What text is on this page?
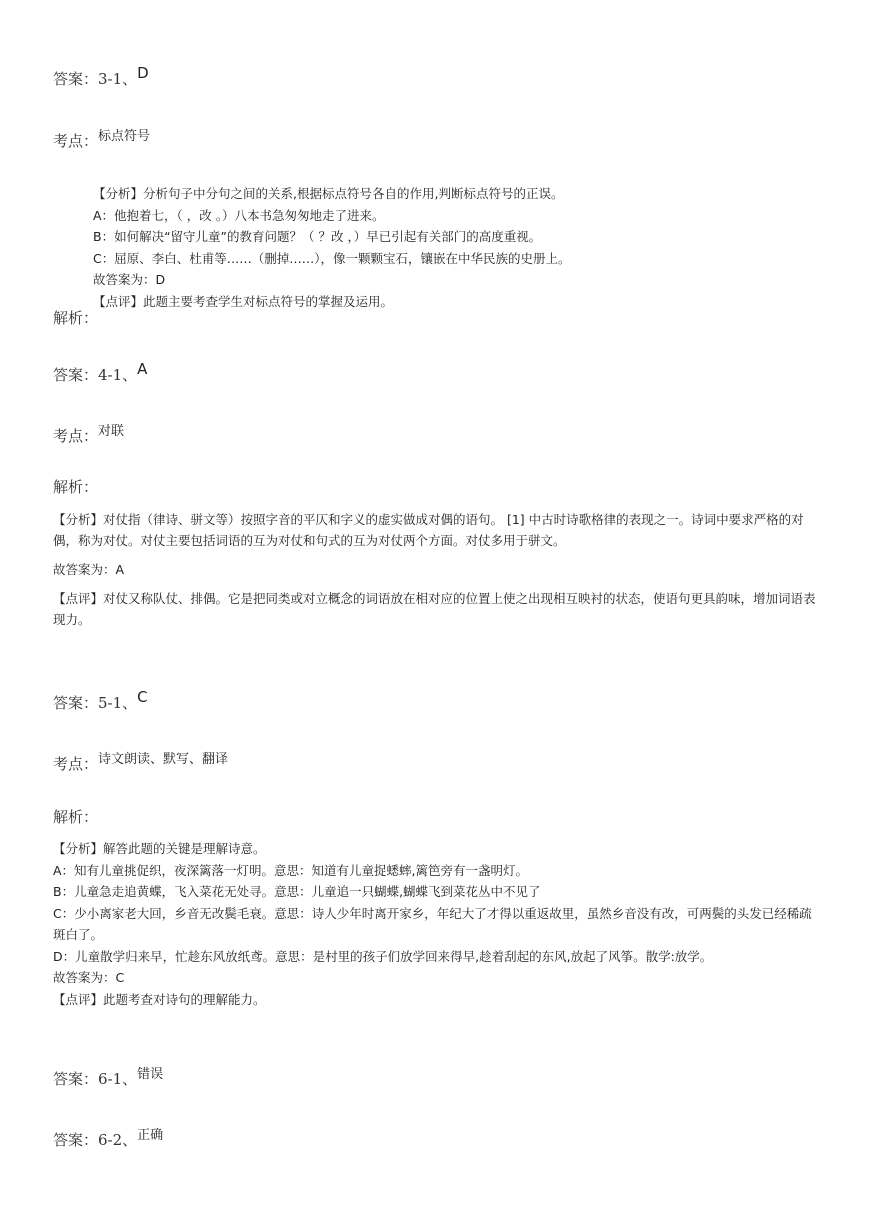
答案：3-1、D
考点：$^{标点符号}$

【分析】分析句子中分句之间的关系,根据标点符号各自的作用,判断标点符号的正误。

A：他抱着七，（ ，改 。）八本书急匆匆地走了进来。

B：如何解决“留守儿童”的教育问题？（ ？改 ，）早已引起有关部门的高度重视。

C：屈原、李白、杜甫等……（删掉……），像一颗颗宝石，镶嵌在中华民族的史册上。

故答案为：D

【点评】此题主要考查学生对标点符号的掌握及运用。

解析：
答案：4-1、A
考点：$^{对联}$
解析：

【分析】对仗指（律诗、骈文等）按照字音的平仄和字义的虚实做成对偶的语句。 [1] 中古时诗歌格律的表现之一。诗词中要求严格的对偶，称为对仗。对仗主要包括词语的互为对仗和句式的互为对仗两个方面。对仗多用于骈文。

故答案为：A

【点评】对仗又称队仗、排偶。它是把同类或对立概念的词语放在相对应的位置上使之出现相互映衬的状态，使语句更具韵味，增加词语表现力。

答案：5-1、C
考点：$^{诗文朗读、默写、翻译}$
解析：

【分析】解答此题的关键是理解诗意。

A：知有儿童挑促织，夜深篱落一灯明。意思：知道有儿童捉蟋蟀,篱笆旁有一盏明灯。

B：儿童急走追黄蝶，飞入菜花无处寻。意思：儿童追一只蝴蝶,蝴蝶飞到菜花丛中不见了

C：少小离家老大回，乡音无改鬓毛衰。意思：诗人少年时离开家乡，年纪大了才得以重返故里，虽然乡音没有改，可两鬓的头发已经稀疏斑白了。

D：儿童散学归来早，忙趁东风放纸鸢。意思：是村里的孩子们放学回来得早,趁着刮起的东风,放起了风筝。散学:放学。

故答案为：C

【点评】此题考查对诗句的理解能力。

答案：6-1、$^{错误}$
答案：6-2、$^{正确}$
